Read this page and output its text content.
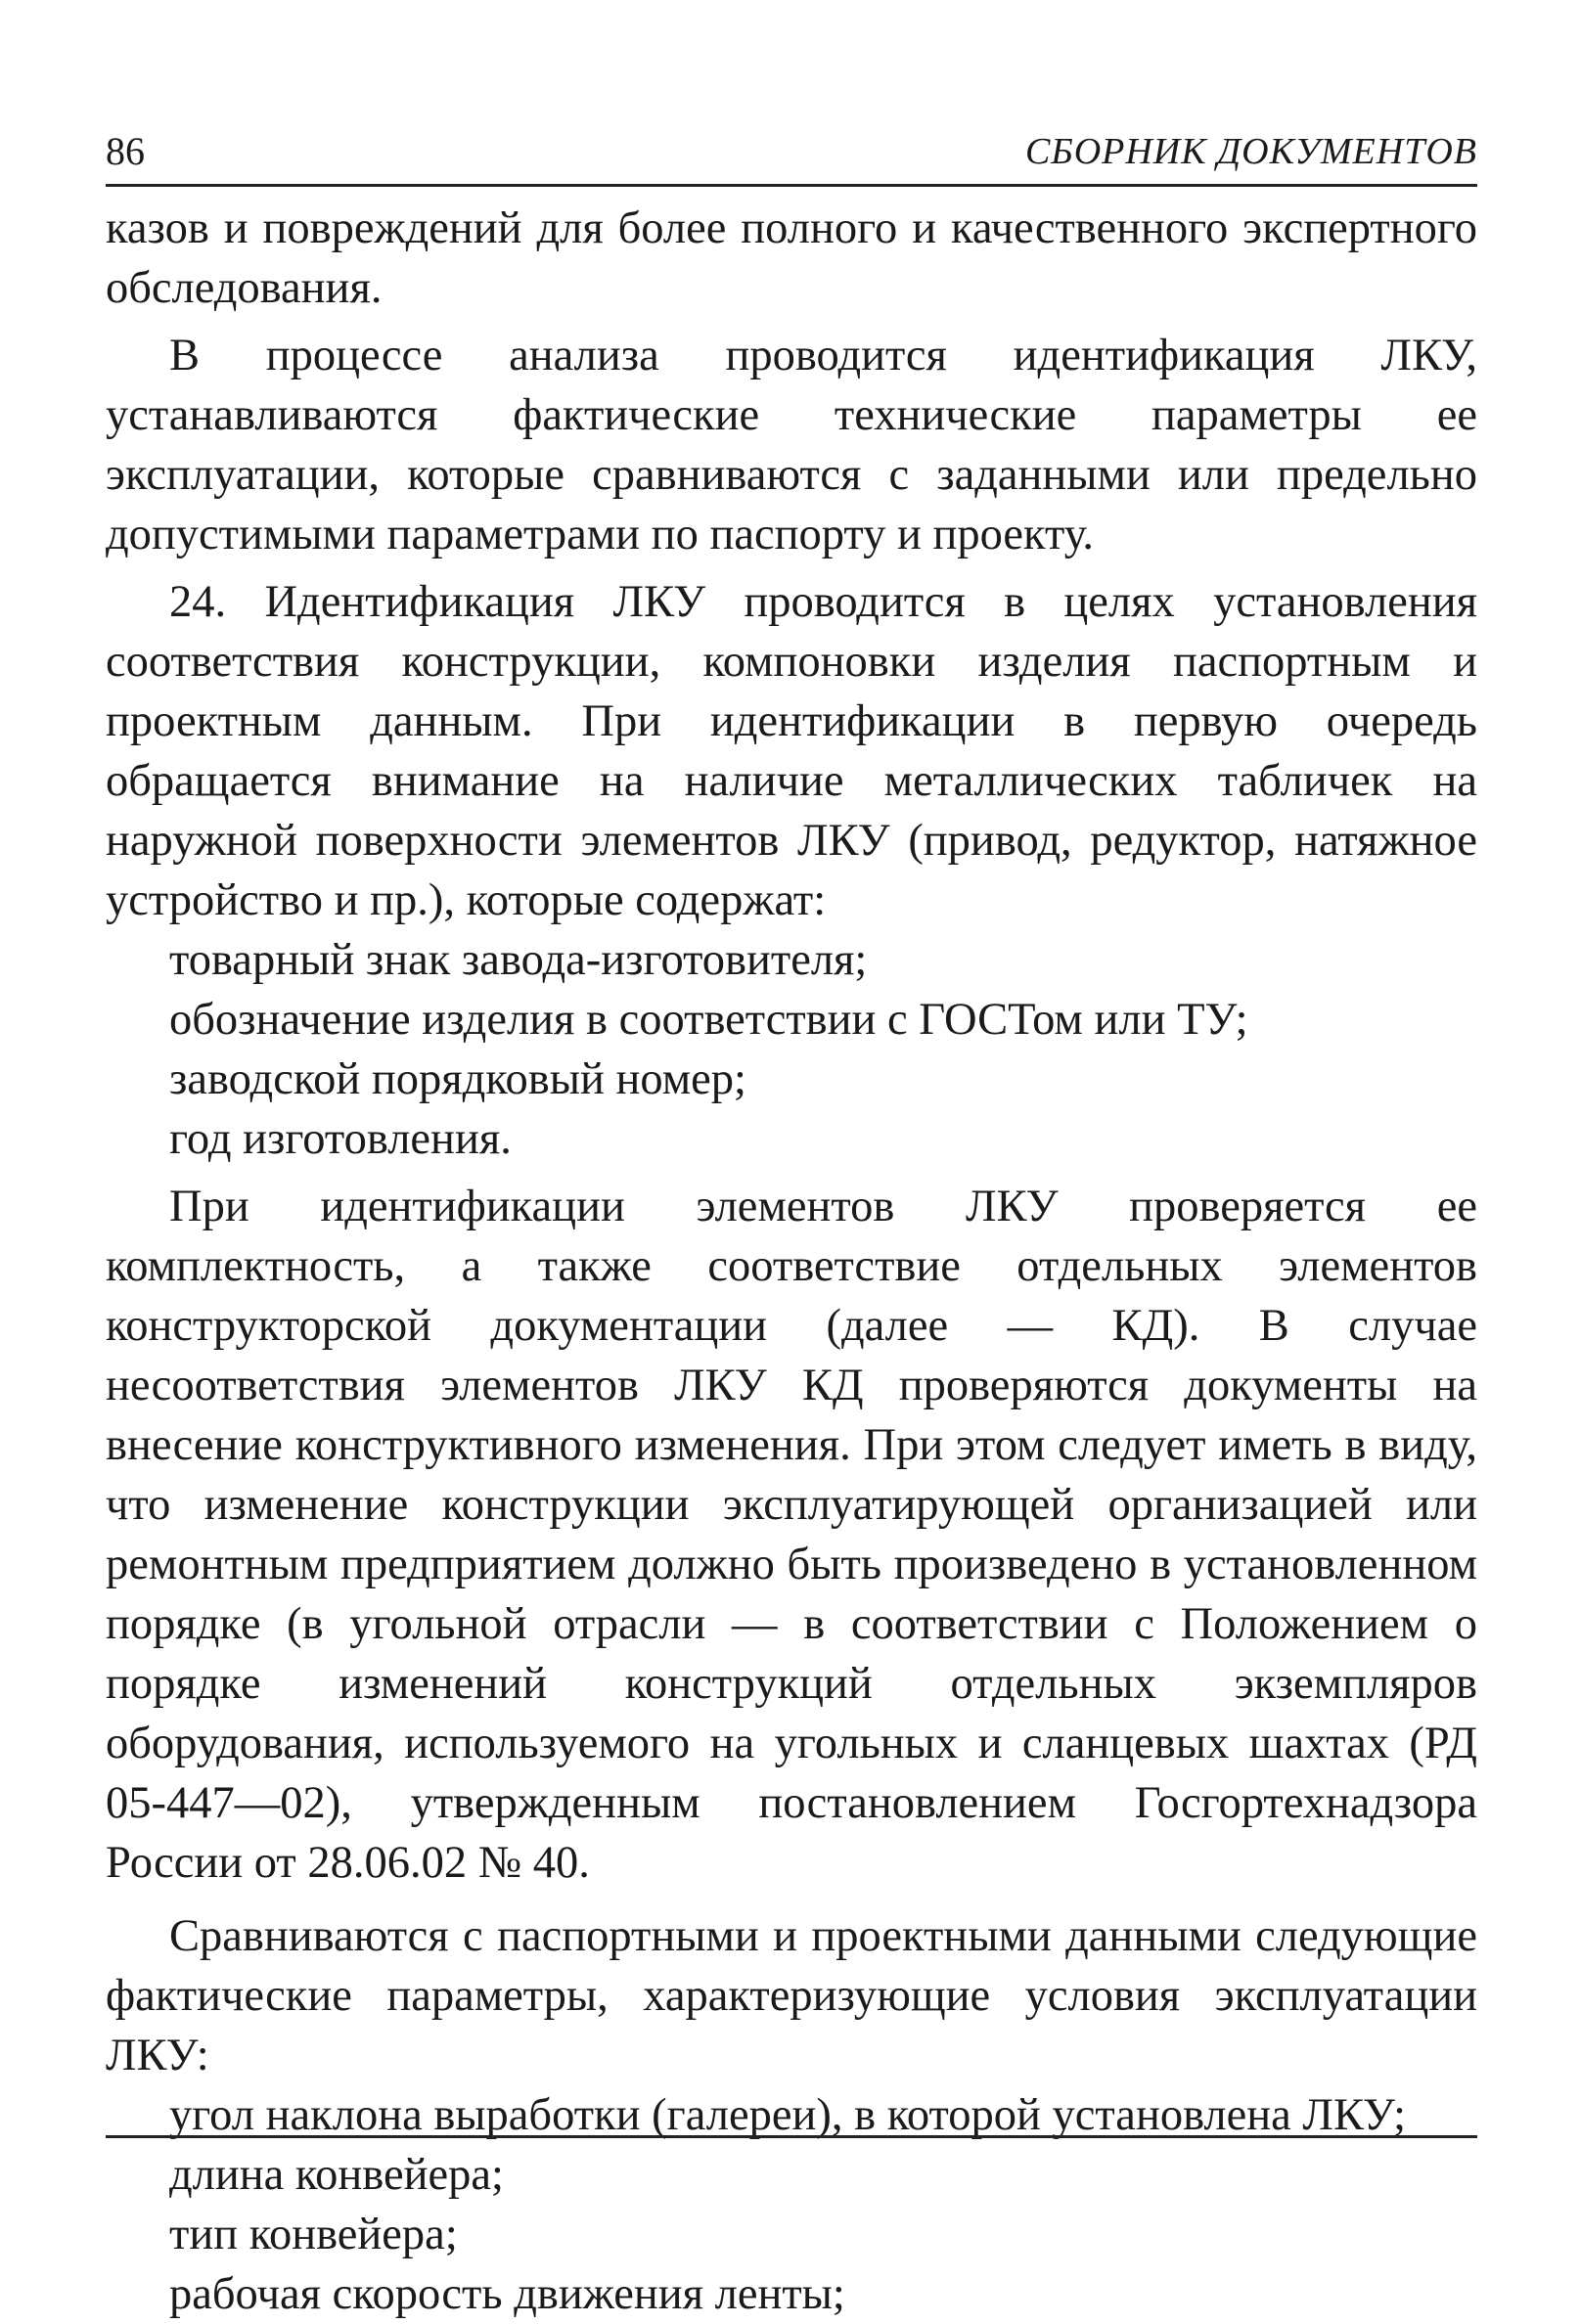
86	СБОРНИК ДОКУМЕНТОВ

казов и повреждений для более полного и качественного экспертного обследования.

В процессе анализа проводится идентификация ЛКУ, устанавливаются фактические технические параметры ее эксплуатации, которые сравниваются с заданными или предельно допустимыми параметрами по паспорту и проекту.

24. Идентификация ЛКУ проводится в целях установления соответствия конструкции, компоновки изделия паспортным и проектным данным. При идентификации в первую очередь обращается внимание на наличие металлических табличек на наружной поверхности элементов ЛКУ (привод, редуктор, натяжное устройство и пр.), которые содержат:

товарный знак завода-изготовителя;

обозначение изделия в соответствии с ГОСТом или ТУ;

заводской порядковый номер;

год изготовления.

При идентификации элементов ЛКУ проверяется ее комплектность, а также соответствие отдельных элементов конструкторской документации (далее — КД). В случае несоответствия элементов ЛКУ КД проверяются документы на внесение конструктивного изменения. При этом следует иметь в виду, что изменение конструкции эксплуатирующей организацией или ремонтным предприятием должно быть произведено в установленном порядке (в угольной отрасли — в соответствии с Положением о порядке изменений конструкций отдельных экземпляров оборудования, используемого на угольных и сланцевых шахтах (РД 05-447—02), утвержденным постановлением Госгортехнадзора России от 28.06.02 № 40.

Сравниваются с паспортными и проектными данными следующие фактические параметры, характеризующие условия эксплуатации ЛКУ:

угол наклона выработки (галереи), в которой установлена ЛКУ;

длина конвейера;

тип конвейера;

рабочая скорость движения ленты;
